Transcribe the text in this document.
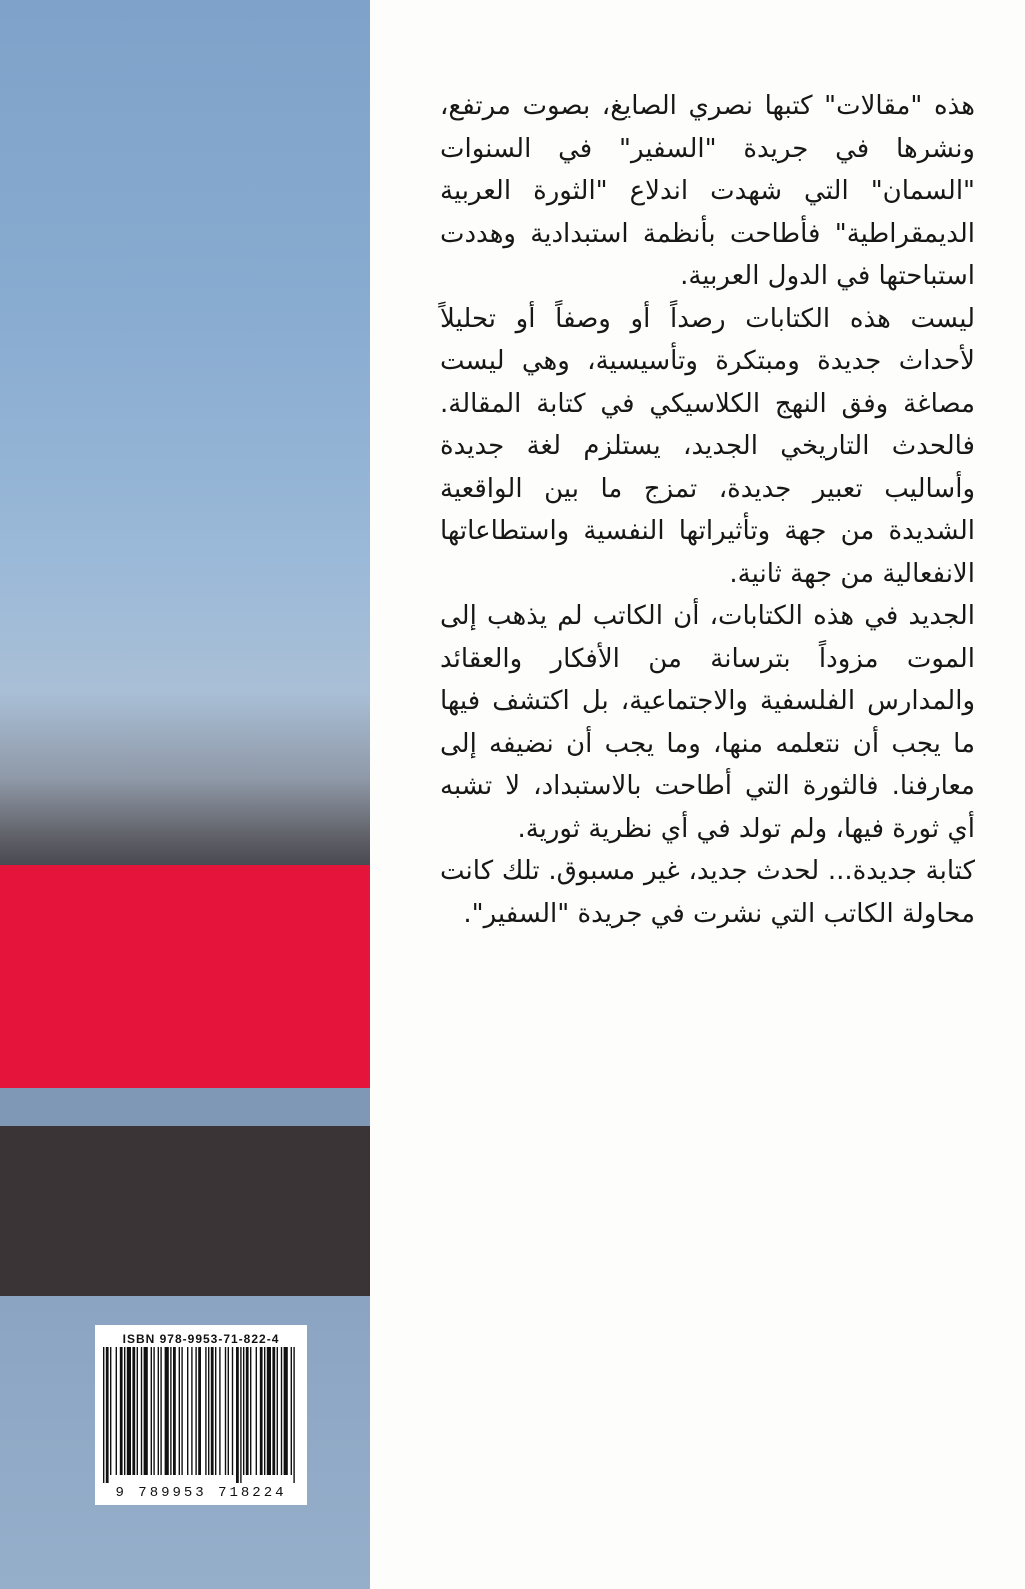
ISBN 978-9953-71-822-4
9 789953 718224

هذه "مقالات" كتبها نصري الصايغ، بصوت مرتفع، ونشرها في جريدة "السفير" في السنوات "السمان" التي شهدت اندلاع "الثورة العربية الديمقراطية" فأطاحت بأنظمة استبدادية وهددت استباحتها في الدول العربية.

ليست هذه الكتابات رصداً أو وصفاً أو تحليلاً لأحداث جديدة ومبتكرة وتأسيسية، وهي ليست مصاغة وفق النهج الكلاسيكي في كتابة المقالة. فالحدث التاريخي الجديد، يستلزم لغة جديدة وأساليب تعبير جديدة، تمزج ما بين الواقعية الشديدة من جهة وتأثيراتها النفسية واستطاعاتها الانفعالية من جهة ثانية.

الجديد في هذه الكتابات، أن الكاتب لم يذهب إلى الموت مزوداً بترسانة من الأفكار والعقائد والمدارس الفلسفية والاجتماعية، بل اكتشف فيها ما يجب أن نتعلمه منها، وما يجب أن نضيفه إلى معارفنا. فالثورة التي أطاحت بالاستبداد، لا تشبه أي ثورة فيها، ولم تولد في أي نظرية ثورية.

كتابة جديدة... لحدث جديد، غير مسبوق. تلك كانت محاولة الكاتب التي نشرت في جريدة "السفير".
